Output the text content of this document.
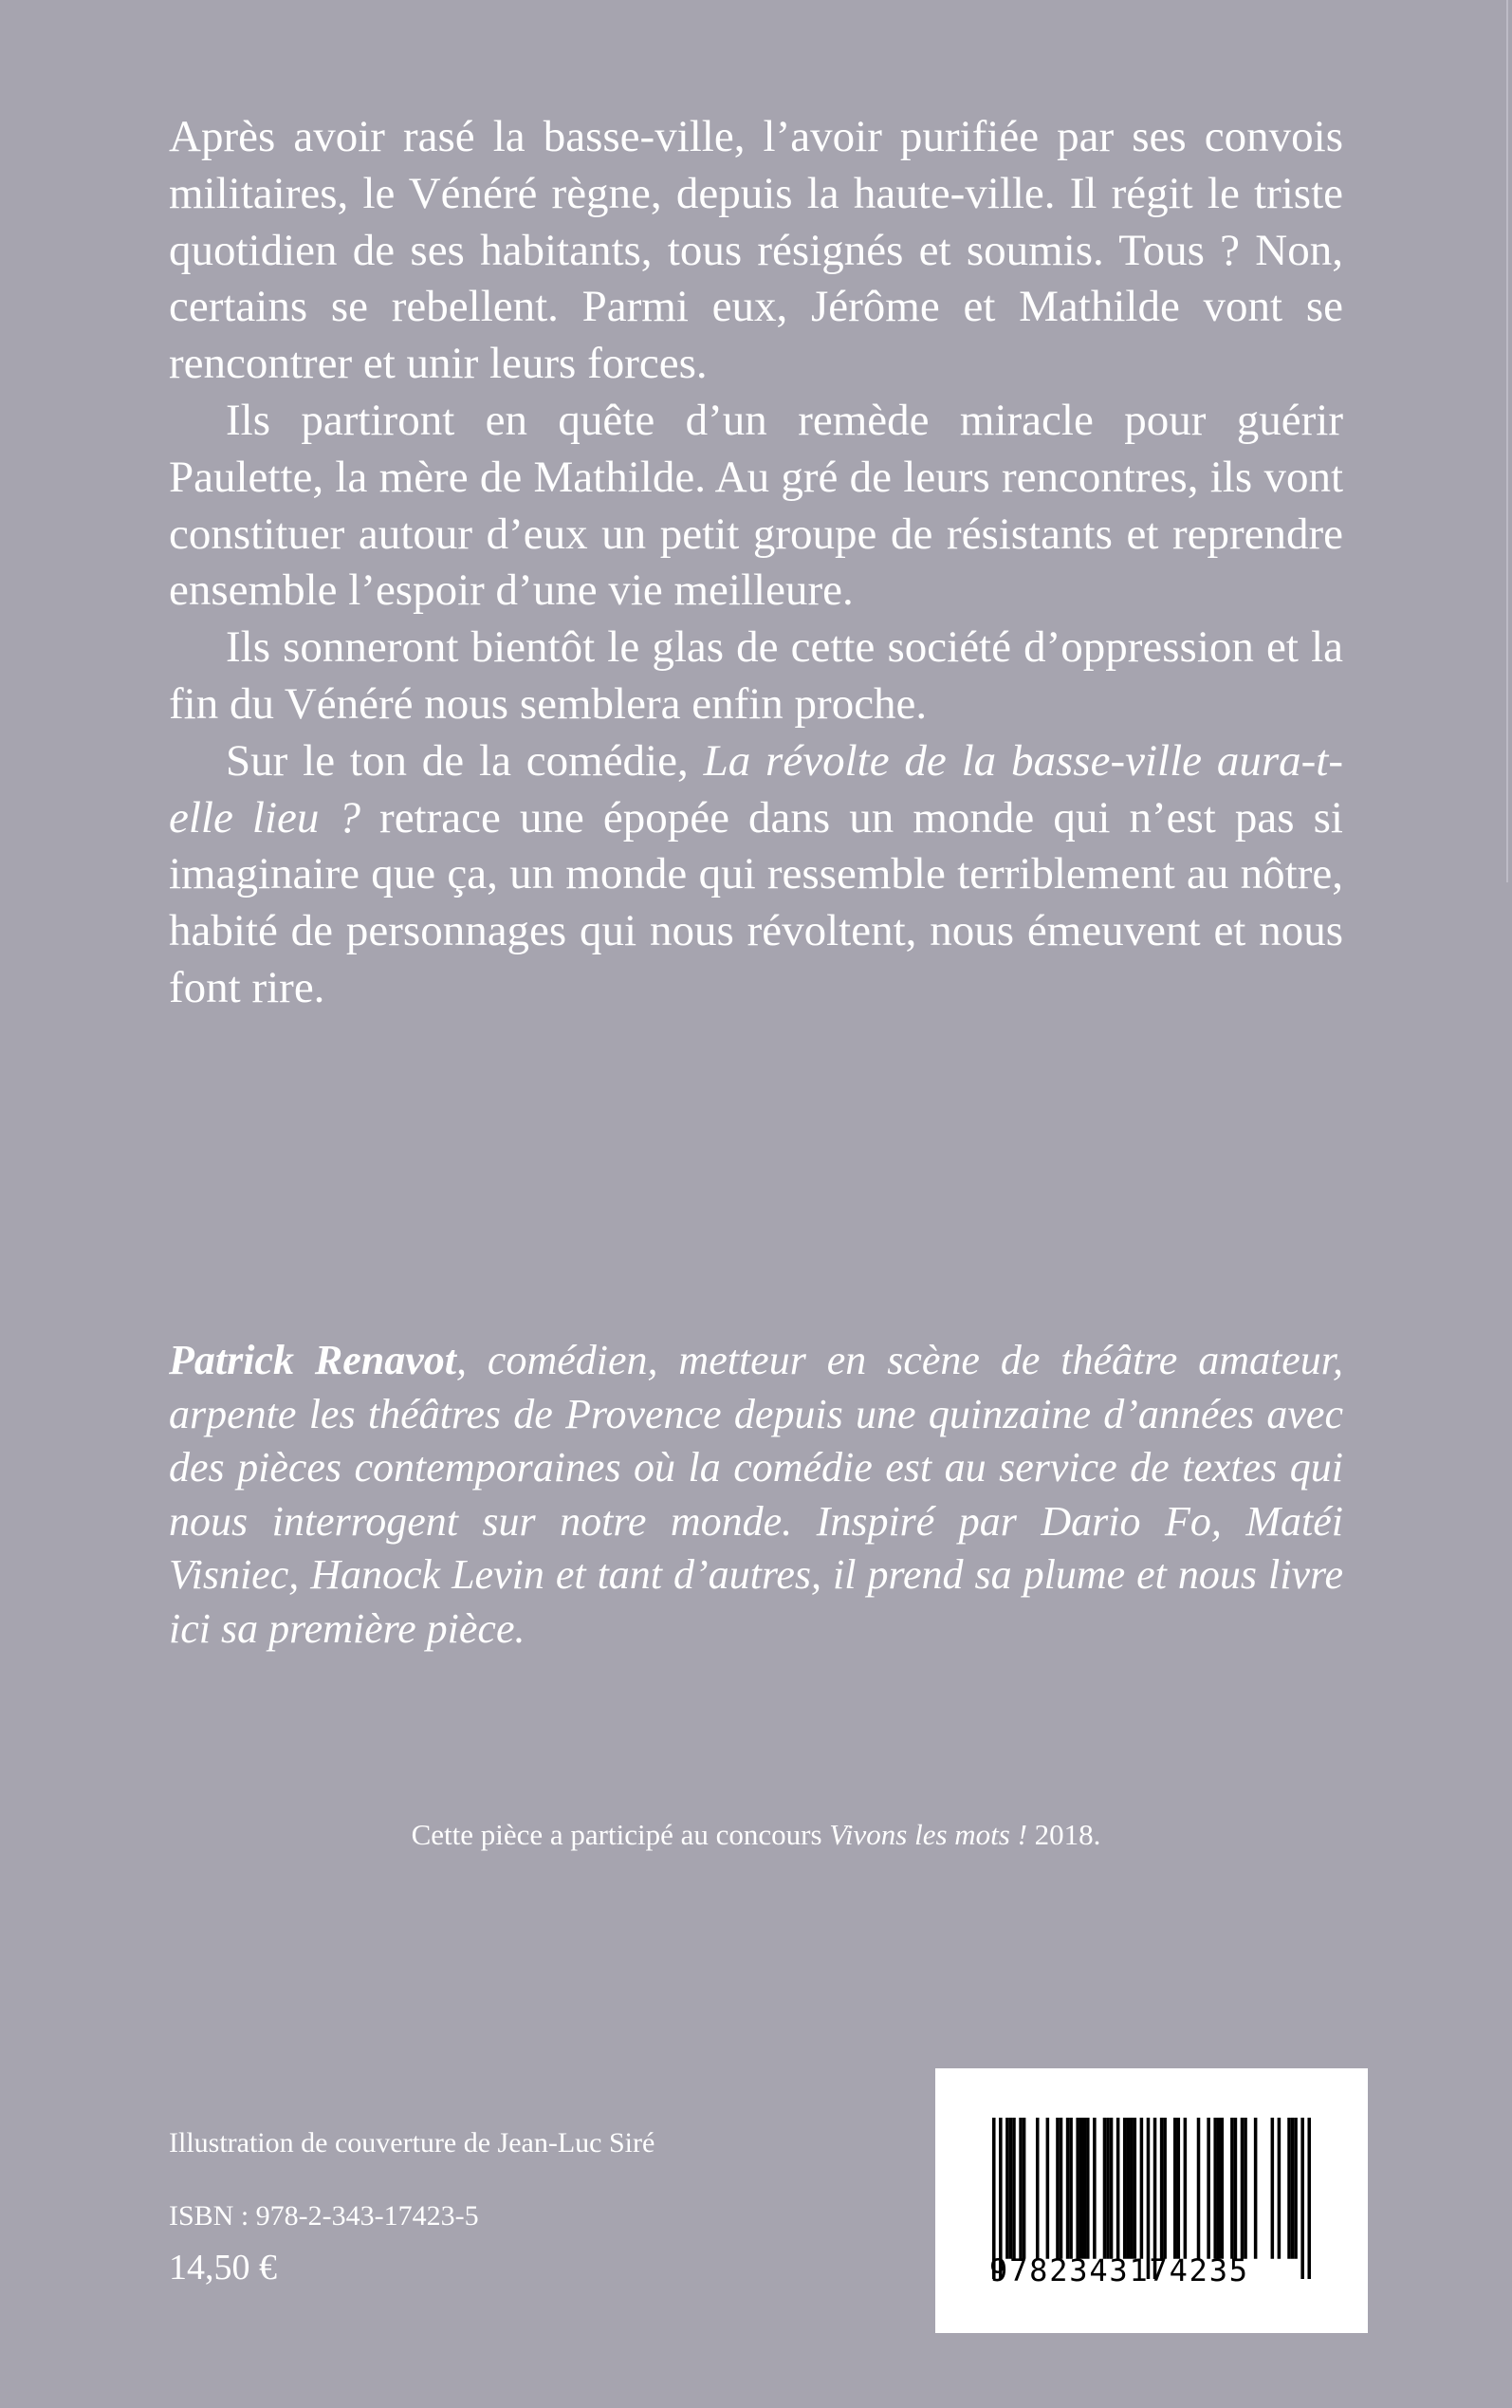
Après avoir rasé la basse-ville, l’avoir purifiée par ses convois militaires, le Vénéré règne, depuis la haute-ville. Il régit le triste quotidien de ses habitants, tous résignés et soumis. Tous ? Non, certains se rebellent. Parmi eux, Jérôme et Mathilde vont se rencontrer et unir leurs forces.

Ils partiront en quête d’un remède miracle pour guérir Paulette, la mère de Mathilde. Au gré de leurs rencontres, ils vont constituer autour d’eux un petit groupe de résistants et reprendre ensemble l’espoir d’une vie meilleure.

Ils sonneront bientôt le glas de cette société d’oppression et la fin du Vénéré nous semblera enfin proche.

Sur le ton de la comédie, La révolte de la basse-ville aura-t-elle lieu ? retrace une épopée dans un monde qui n’est pas si imaginaire que ça, un monde qui ressemble terriblement au nôtre, habité de personnages qui nous révoltent, nous émeuvent et nous font rire.

Patrick Renavot, comédien, metteur en scène de théâtre amateur, arpente les théâtres de Provence depuis une quinzaine d’années avec des pièces contemporaines où la comédie est au service de textes qui nous interrogent sur notre monde. Inspiré par Dario Fo, Matéi Visniec, Hanock Levin et tant d’autres, il prend sa plume et nous livre ici sa première pièce.

Cette pièce a participé au concours Vivons les mots ! 2018.

Illustration de couverture de Jean-Luc Siré

ISBN : 978-2-343-17423-5

14,50 €	9782343174235
